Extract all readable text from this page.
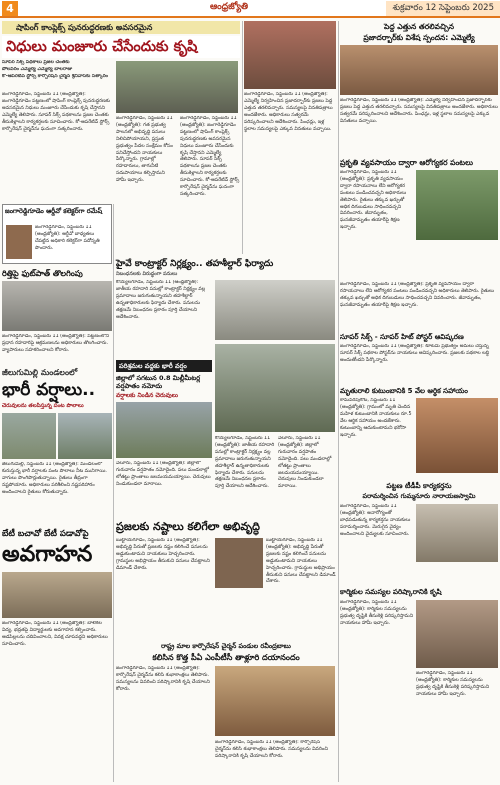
4	ఆంధ్రజ్యోతి	శుక్రవారం 12 సెప్టెంబరు 2025
షాపింగ్ కాంప్లెక్స్ పునరుద్ధరణకు అవసరమైన
నిధులు మంజూరు చేసేందుకు కృషి
సూపర్ సిక్స్ పథకాలు ప్రజల చెంతకు
పోలవరం ఎమ్మెల్యే ఎమ్మెల్యే బాలరాజు
కో-ఆపరేటివ్ స్టోర్స్ కార్పొరేషన్ చైర్మన్ శ్రీనివాస్‌కు సత్కారం
జంగారెడ్డిగూడెం, సెప్టెంబరు 11 (ఆంధ్రజ్యోతి): జంగారెడ్డిగూడెం పట్టణంలో షాపింగ్ కాంప్లెక్స్ పునరుద్ధరణకు అవసరమైన నిధులు మంజూరు చేసేందుకు కృషి చేస్తానని ఎమ్మెల్యే తెలిపారు. సూపర్ సిక్స్ పథకాలను ప్రజల చెంతకు తీసుకెళ్లాలని కార్యకర్తలకు సూచించారు. కో-ఆపరేటివ్ స్టోర్స్ కార్పొరేషన్ చైర్మన్‌ను ఘనంగా సత్కరించారు.
జంగారెడ్డిగూడెం, సెప్టెంబరు 11 (ఆంధ్రజ్యోతి): గత ప్రభుత్వ పాలనలో అభివృద్ధి పనులు నిలిచిపోయాయని, ప్రస్తుత ప్రభుత్వం పేదల సంక్షేమం కోసం పనిచేస్తోందని నాయకులు పేర్కొన్నారు. గ్రామాల్లో రహదారులు, తాగునీటి సదుపాయాలు కల్పిస్తామని హామీ ఇచ్చారు.
జంగారెడ్డిగూడెం, సెప్టెంబరు 11 (ఆంధ్రజ్యోతి): జంగారెడ్డిగూడెం పట్టణంలో షాపింగ్ కాంప్లెక్స్ పునరుద్ధరణకు అవసరమైన నిధులు మంజూరు చేసేందుకు కృషి చేస్తానని ఎమ్మెల్యే తెలిపారు. సూపర్ సిక్స్ పథకాలను ప్రజల చెంతకు తీసుకెళ్లాలని కార్యకర్తలకు సూచించారు. కో-ఆపరేటివ్ స్టోర్స్ కార్పొరేషన్ చైర్మన్‌ను ఘనంగా సత్కరించారు.
జంగారెడ్డిగూడెం ఆర్డీవో కలెక్టర్‌గా రమేష్
జంగారెడ్డిగూడెం, సెప్టెంబరు 11 (ఆంధ్రజ్యోతి): ఆర్డీవో బాధ్యతలు చేపట్టిన అధికారి కలెక్టర్‌గా పదోన్నతి పొందారు.
రిత్తిపై ఫుట్‌పాత్ తొలగింపు
జంగారెడ్డిగూడెం, సెప్టెంబరు 11 (ఆంధ్రజ్యోతి): పట్టణంలోని ప్రధాన రహదారిపై ఆక్రమణలను అధికారులు తొలగించారు. వ్యాపారులు సహకరించాలని కోరారు.
జీలుగుమిల్లి మండలంలో
భారీ వర్షాలు..
చెరువులను తలపిస్తున్న పంట పొలాలు
జీలుగుమిల్లి, సెప్టెంబరు 11 (ఆంధ్రజ్యోతి): మండలంలో కురుస్తున్న భారీ వర్షాలకు పంట పొలాలు నీట మునిగాయి. వాగులు పొంగిపొర్లుతున్నాయి. రైతులు తీవ్రంగా నష్టపోయారు. అధికారులు పరిశీలించి నష్టపరిహారం అందించాలని రైతులు కోరుతున్నారు.
బేటీ బచావో బేటీ పడావోపై
అవగాహన
జంగారెడ్డిగూడెం, సెప్టెంబరు 11 (ఆంధ్రజ్యోతి): బాలికల విద్య, భద్రతపై విద్యార్థులకు అవగాహన కల్పించారు. ఆడపిల్లలను చదివించాలని, వివక్ష చూపవద్దని అధికారులు సూచించారు.
హైవే కాంట్రాక్టర్ నిర్లక్ష్యం.. తహశీల్దార్ ఫిర్యాదు
నిబంధనలకు విరుద్ధంగా పనులు
కొయ్యలగూడెం, సెప్టెంబరు 11 (ఆంధ్రజ్యోతి): జాతీయ రహదారి పనుల్లో కాంట్రాక్టర్ నిర్లక్ష్యం వల్ల ప్రమాదాలు జరుగుతున్నాయని తహశీల్దార్ ఉన్నతాధికారులకు ఫిర్యాదు చేశారు. పనులను తక్షణమే నిబంధనల ప్రకారం పూర్తి చేయాలని ఆదేశించారు.
పరిశ్రమల వద్దకు భారీ వర్షం
జిల్లాలో సగటున 0.8 మిల్లీమీటర్ల వర్షపాతం నమోదు
వర్షాలకు నిండిన చెరువులు
ఏలూరు, సెప్టెంబరు 11 (ఆంధ్రజ్యోతి): జిల్లాలో గురువారం వర్షపాతం నమోదైంది. పలు మండలాల్లో లోతట్టు ప్రాంతాలు జలమయమయ్యాయి. చెరువులు నిండుకుండలా మారాయి.
కొయ్యలగూడెం, సెప్టెంబరు 11 (ఆంధ్రజ్యోతి): జాతీయ రహదారి పనుల్లో కాంట్రాక్టర్ నిర్లక్ష్యం వల్ల ప్రమాదాలు జరుగుతున్నాయని తహశీల్దార్ ఉన్నతాధికారులకు ఫిర్యాదు చేశారు. పనులను తక్షణమే నిబంధనల ప్రకారం పూర్తి చేయాలని ఆదేశించారు.
ఏలూరు, సెప్టెంబరు 11 (ఆంధ్రజ్యోతి): జిల్లాలో గురువారం వర్షపాతం నమోదైంది. పలు మండలాల్లో లోతట్టు ప్రాంతాలు జలమయమయ్యాయి. చెరువులు నిండుకుండలా మారాయి.
ప్రజలకు నష్టాలు కలిగేలా అభివృద్ధి
బుట్టాయగూడెం, సెప్టెంబరు 11 (ఆంధ్రజ్యోతి): అభివృద్ధి పేరుతో ప్రజలకు నష్టం కలిగించే పనులను అడ్డుకుంటామని నాయకులు హెచ్చరించారు. గ్రామస్థుల అభిప్రాయం తీసుకుని పనులు చేపట్టాలని డిమాండ్ చేశారు.
బుట్టాయగూడెం, సెప్టెంబరు 11 (ఆంధ్రజ్యోతి): అభివృద్ధి పేరుతో ప్రజలకు నష్టం కలిగించే పనులను అడ్డుకుంటామని నాయకులు హెచ్చరించారు. గ్రామస్థుల అభిప్రాయం తీసుకుని పనులు చేపట్టాలని డిమాండ్ చేశారు.
రాష్ట్ర మాల కార్పొరేషన్ చైర్మన్ పండుల రవీంద్రబాబు
కలిసిన కొత్త పీఏ ఎంపీటీసీ తాళ్లూరి దయానందం
జంగారెడ్డిగూడెం, సెప్టెంబరు 11 (ఆంధ్రజ్యోతి): కార్పొరేషన్ చైర్మన్‌ను కలిసి శుభాకాంక్షలు తెలిపారు. సమస్యలను వివరించి పరిష్కారానికి కృషి చేయాలని కోరారు.
జంగారెడ్డిగూడెం, సెప్టెంబరు 11 (ఆంధ్రజ్యోతి): కార్పొరేషన్ చైర్మన్‌ను కలిసి శుభాకాంక్షలు తెలిపారు. సమస్యలను వివరించి పరిష్కారానికి కృషి చేయాలని కోరారు.
జంగారెడ్డిగూడెం, సెప్టెంబరు 11 (ఆంధ్రజ్యోతి): ఎమ్మెల్యే నిర్వహించిన ప్రజాదర్బార్‌కు ప్రజలు పెద్ద ఎత్తున తరలివచ్చారు. సమస్యలపై వినతిపత్రాలు అందజేశారు. అధికారులు సత్వరమే పరిష్కరించాలని ఆదేశించారు. పింఛన్లు, ఇళ్ల స్థలాల సమస్యలపై ఎక్కువ వినతులు వచ్చాయి.
పెద్ద ఎత్తున తరలివచ్చిన
ప్రజాదర్బార్‌కు విశేష స్పందన: ఎమ్మెల్యే
జంగారెడ్డిగూడెం, సెప్టెంబరు 11 (ఆంధ్రజ్యోతి): ఎమ్మెల్యే నిర్వహించిన ప్రజాదర్బార్‌కు ప్రజలు పెద్ద ఎత్తున తరలివచ్చారు. సమస్యలపై వినతిపత్రాలు అందజేశారు. అధికారులు సత్వరమే పరిష్కరించాలని ఆదేశించారు. పింఛన్లు, ఇళ్ల స్థలాల సమస్యలపై ఎక్కువ వినతులు వచ్చాయి.
ప్రకృతి వ్యవసాయం ద్వారా ఆరోగ్యకర పంటలు
జంగారెడ్డిగూడెం, సెప్టెంబరు 11 (ఆంధ్రజ్యోతి): ప్రకృతి వ్యవసాయం ద్వారా రసాయనాలు లేని ఆరోగ్యకర పంటలు పండించవచ్చని అధికారులు తెలిపారు. రైతులు తక్కువ ఖర్చుతో అధిక దిగుబడులు సాధించవచ్చని వివరించారు. జీవామృతం, ఘనజీవామృతం తయారీపై శిక్షణ ఇచ్చారు.
జంగారెడ్డిగూడెం, సెప్టెంబరు 11 (ఆంధ్రజ్యోతి): ప్రకృతి వ్యవసాయం ద్వారా రసాయనాలు లేని ఆరోగ్యకర పంటలు పండించవచ్చని అధికారులు తెలిపారు. రైతులు తక్కువ ఖర్చుతో అధిక దిగుబడులు సాధించవచ్చని వివరించారు. జీవామృతం, ఘనజీవామృతం తయారీపై శిక్షణ ఇచ్చారు.
సూపర్ సిక్స్ - సూపర్ హిట్ పోస్టర్ ఆవిష్కరణ
జంగారెడ్డిగూడెం, సెప్టెంబరు 11 (ఆంధ్రజ్యోతి): కూటమి ప్రభుత్వం అమలు చేస్తున్న సూపర్ సిక్స్ పథకాల పోస్టర్‌ను నాయకులు ఆవిష్కరించారు. ప్రజలకు పథకాల లబ్ధి అందుతోందని పేర్కొన్నారు.
మృతురాలి కుటుంబానికి 5 వేల ఆర్థిక సహాయం
కామవరపుకోట, సెప్టెంబరు 11 (ఆంధ్రజ్యోతి): గ్రామంలో మృతి చెందిన మహిళ కుటుంబానికి నాయకులు రూ.5 వేల ఆర్థిక సహాయం అందజేశారు. కుటుంబాన్ని ఆదుకుంటామని భరోసా ఇచ్చారు.
పట్టణ టీడీపీ కార్యకర్తను
పరామర్శించిన గుమ్మనూరు నారాయణస్వామి
జంగారెడ్డిగూడెం, సెప్టెంబరు 11 (ఆంధ్రజ్యోతి): అనారోగ్యంతో బాధపడుతున్న కార్యకర్తను నాయకులు పరామర్శించారు. మెరుగైన వైద్యం అందించాలని వైద్యులకు సూచించారు.
కార్మికుల సమస్యల పరిష్కారానికి కృషి
జంగారెడ్డిగూడెం, సెప్టెంబరు 11 (ఆంధ్రజ్యోతి): కార్మికుల సమస్యలను ప్రభుత్వ దృష్టికి తీసుకెళ్లి పరిష్కరిస్తామని నాయకులు హామీ ఇచ్చారు.
జంగారెడ్డిగూడెం, సెప్టెంబరు 11 (ఆంధ్రజ్యోతి): కార్మికుల సమస్యలను ప్రభుత్వ దృష్టికి తీసుకెళ్లి పరిష్కరిస్తామని నాయకులు హామీ ఇచ్చారు.
